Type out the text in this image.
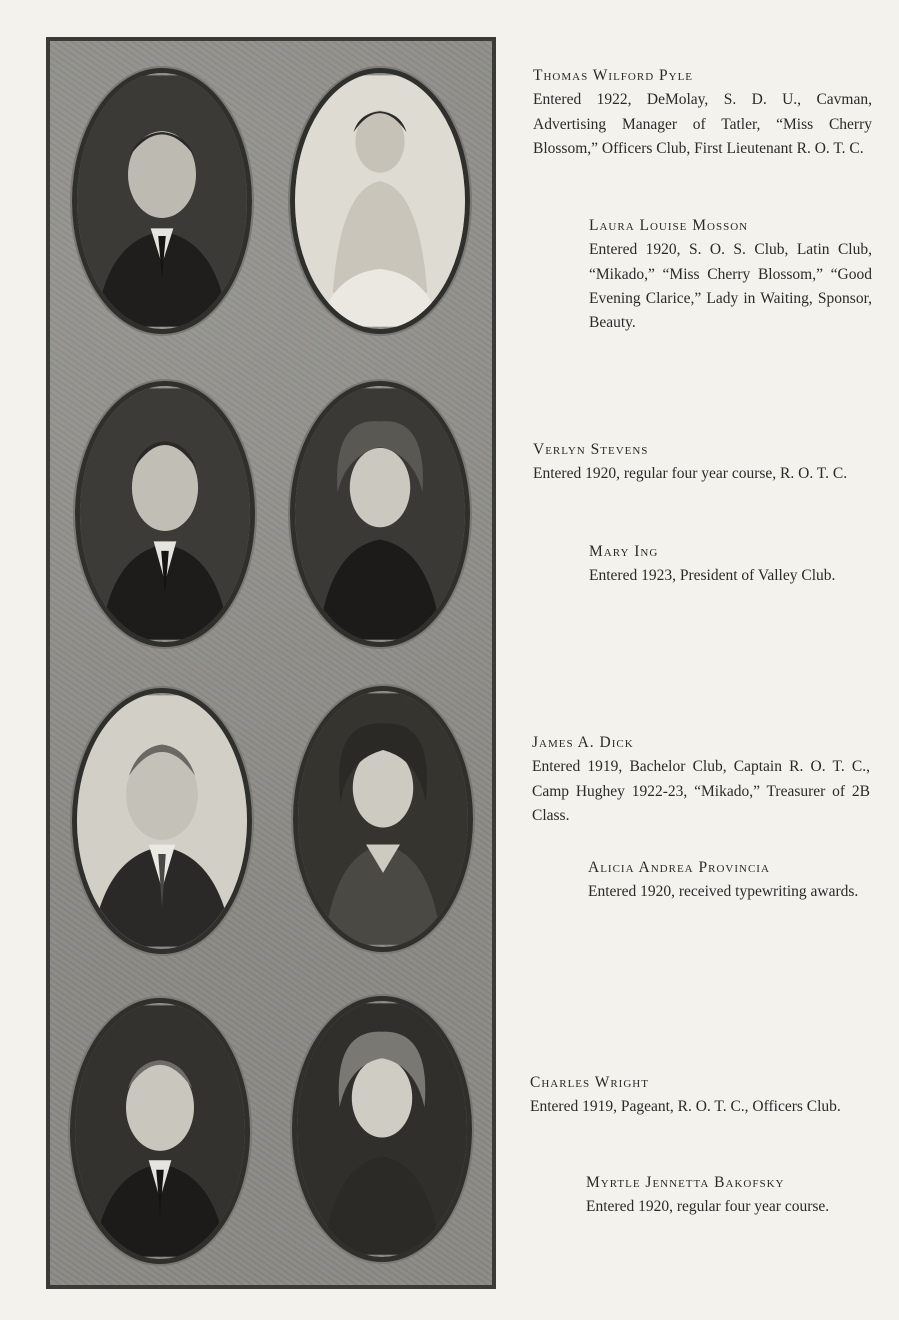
Thomas Wilford Pyle
Entered 1922, DeMolay, S. D. U., Cavman, Advertising Manager of Tatler, “Miss Cherry Blossom,” Officers Club, First Lieutenant R. O. T. C.
Laura Louise Mosson
Entered 1920, S. O. S. Club, Latin Club, “Mikado,” “Miss Cherry Blossom,” “Good Evening Clarice,” Lady in Waiting, Sponsor, Beauty.
Verlyn Stevens
Entered 1920, regular four year course, R. O. T. C.
Mary Ing
Entered 1923, President of Valley Club.
James A. Dick
Entered 1919, Bachelor Club, Captain R. O. T. C., Camp Hughey 1922-23, “Mikado,” Treasurer of 2B Class.
Alicia Andrea Provincia
Entered 1920, received typewriting awards.
Charles Wright
Entered 1919, Pageant, R. O. T. C., Officers Club.
Myrtle Jennetta Bakofsky
Entered 1920, regular four year course.
